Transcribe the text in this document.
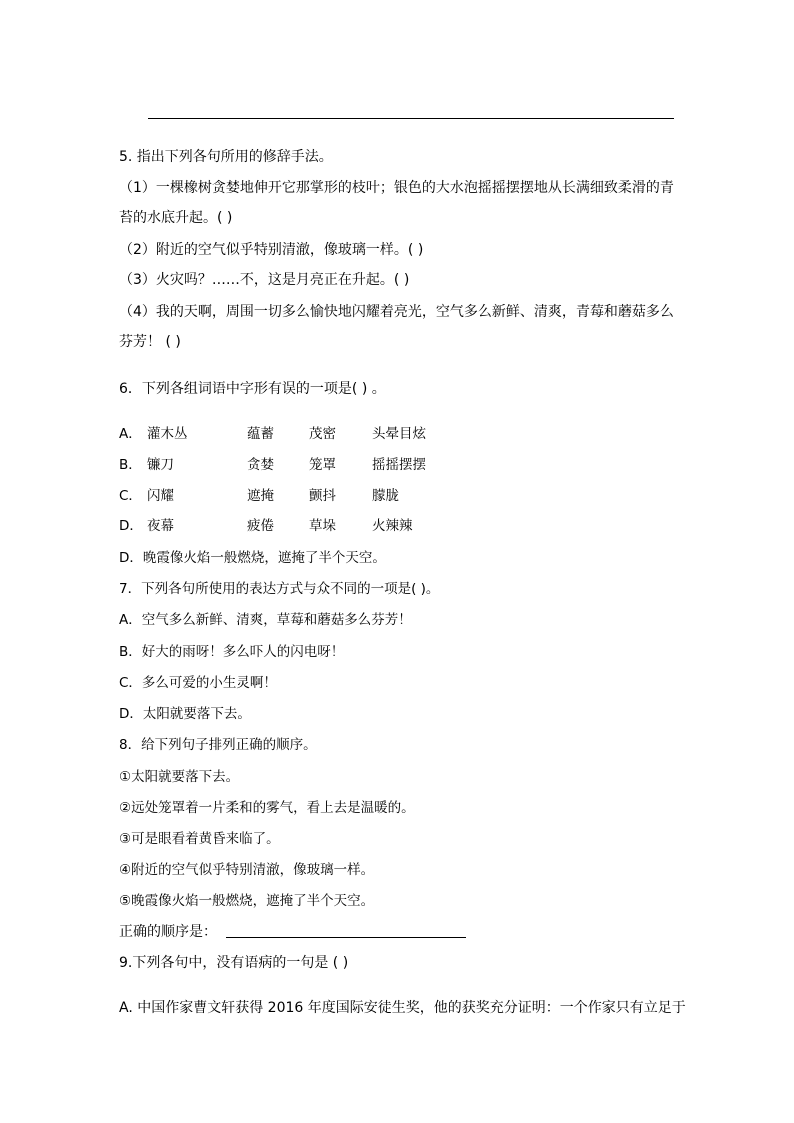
5. 指出下列各句所用的修辞手法。
（1）一棵橡树贪婪地伸开它那掌形的枝叶；银色的大水泡摇摇摆摆地从长满细致柔滑的青
苔的水底升起。( )
（2）附近的空气似乎特别清澈，像玻璃一样。( )
（3）火灾吗？……不，这是月亮正在升起。( )
（4）我的天啊，周围一切多么愉快地闪耀着亮光，空气多么新鲜、清爽，青莓和蘑菇多么
芬芳！ ( )
6．下列各组词语中字形有误的一项是( ) 。
A． 灌木丛	蕴蓄	茂密	头晕目炫
B． 镰刀	贪婪	笼罩	摇摇摆摆
C． 闪耀	遮掩	颤抖	朦胧
D． 夜幕	疲倦	草垛	火辣辣
D．晚霞像火焰一般燃烧，遮掩了半个天空。
7．下列各句所使用的表达方式与众不同的一项是( )。
A．空气多么新鲜、清爽，草莓和蘑菇多么芬芳！
B．好大的雨呀！多么吓人的闪电呀！
C．多么可爱的小生灵啊！
D．太阳就要落下去。
8．给下列句子排列正确的顺序。
①太阳就要落下去。
②远处笼罩着一片柔和的雾气，看上去是温暖的。
③可是眼看着黄昏来临了。
④附近的空气似乎特别清澈，像玻璃一样。
⑤晚霞像火焰一般燃烧，遮掩了半个天空。
正确的顺序是：
9.下列各句中，没有语病的一句是 ( )
A. 中国作家曹文轩获得 2016 年度国际安徒生奖，他的获奖充分证明：一个作家只有立足于
